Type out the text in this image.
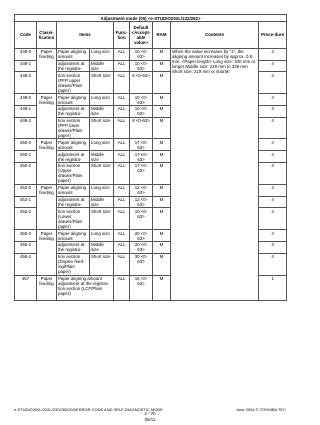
Adjustment mode (05) <e-STUDIO202L/232/282>								
Code	Classi-fication	Items		Func-tion	Default <Accept-able value>	RAM	Contents	Proce-dure
448-0	Paper feeding	Paper aligning amount	Long size	ALL	10 <0-63>	M	When the value increases by "1", the aligning amount increases by approx. 0.8 mm. <Paper length> Long size: 330 mm or longer Middle size: 220 mm to 329 mm Short size: 219 mm or shorter	4
448-1		adjustment at the registra-	Middle size	ALL	10 <0-63>	M		4
448-2		tion section (PFP upper drawer/Plain paper)	Short size	ALL	8 <0-63>	M		4
449-0	Paper feeding	Paper aligning amount	Long size	ALL	10 <0-63>	M		4
449-1		adjustment at the registra-	Middle size	ALL	10 <0-63>	M		4
449-2		tion section (PFP lower drawer/Plain paper)	Short size	ALL	8 <0-63>	M		4
450-0	Paper feeding	Paper aligning amount	Long size	ALL	17 <0-63>	M		4
450-1		adjustment at the registra-	Middle size	ALL	17 <0-63>	M		4
450-2		tion section (Upper drawer/Plain paper)	Short size	ALL	17 <0-63>	M		4
452-0	Paper feeding	Paper aligning amount	Long size	ALL	12 <0-63>	M		4
452-1		adjustment at the registra-	Middle size	ALL	12 <0-63>	M		4
452-2		tion section (Lower drawer/Plain paper)	Short size	ALL	10 <0-63>	M		4
455-0	Paper feeding	Paper aligning amount	Long size	ALL	20 <0-63>	M		4
455-1		adjustment at the registra-	Middle size	ALL	20 <0-63>	M		4
455-2		tion section (Duplex feed-ing/Plain paper)	Short size	ALL	30 <0-63>	M		4
457	Paper feeding	Paper aligning amount adjustment at the registra-tion section (LCF/Plain paper)		ALL	15 <0-63>	M		1
e-STUDIO200L/202L/232/282/203/ERROR CODE AND SELF-DIAGNOSTIC MODE	June 2004 © TOSHIBA TEC
2 - 70
05/11
